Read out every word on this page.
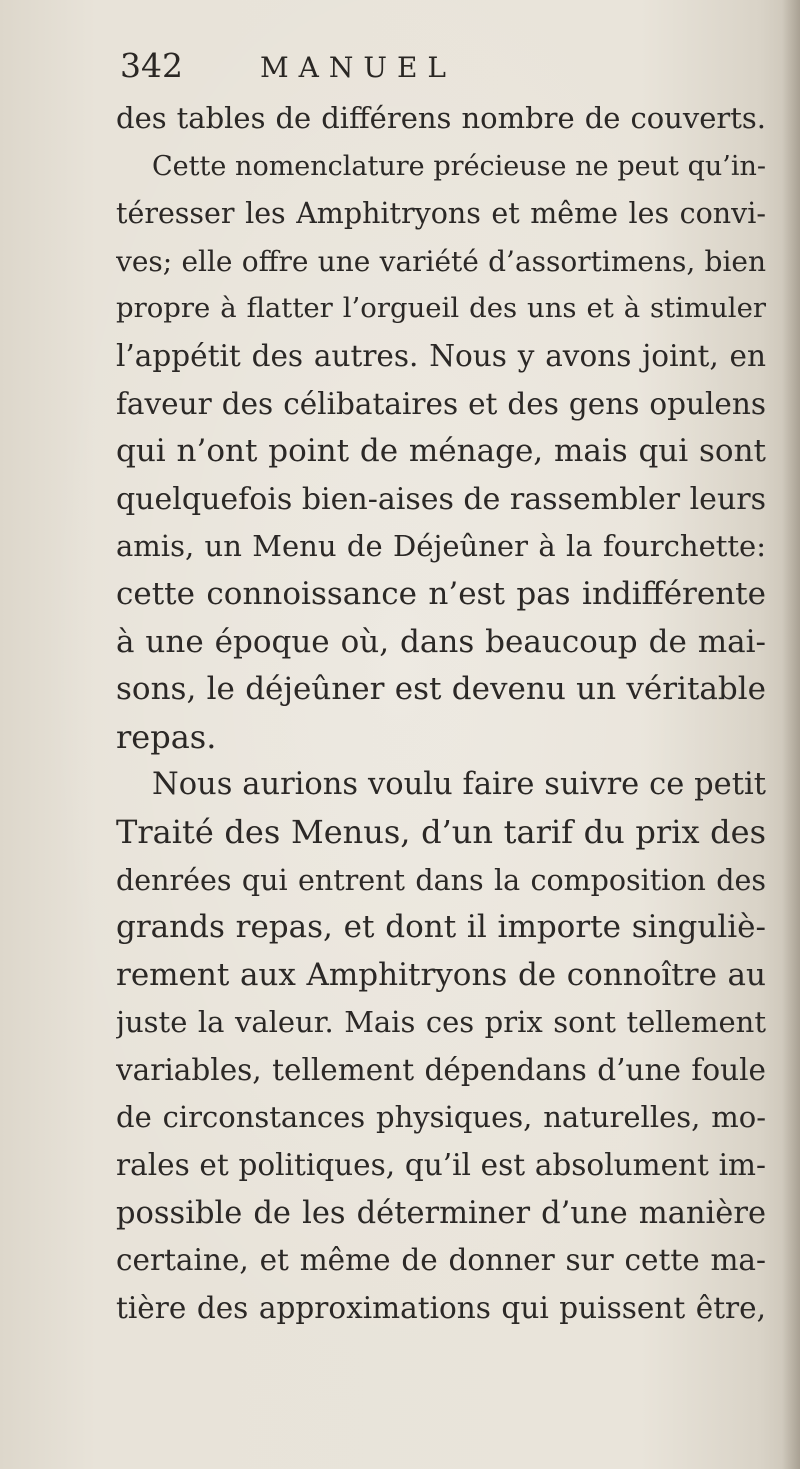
342	MANUEL
des tables de différens nombre de couverts.
Cette nomenclature précieuse ne peut qu’in-
téresser les Amphitryons et même les convi-
ves; elle offre une variété d’assortimens, bien
propre à flatter l’orgueil des uns et à stimuler
l’appétit des autres. Nous y avons joint, en
faveur des célibataires et des gens opulens
qui n’ont point de ménage, mais qui sont
quelquefois bien-aises de rassembler leurs
amis, un Menu de Déjeûner à la fourchette:
cette connoissance n’est pas indifférente
à une époque où, dans beaucoup de mai-
sons, le déjeûner est devenu un véritable
repas.
Nous aurions voulu faire suivre ce petit
Traité des Menus, d’un tarif du prix des
denrées qui entrent dans la composition des
grands repas, et dont il importe singuliè-
rement aux Amphitryons de connoître au
juste la valeur. Mais ces prix sont tellement
variables, tellement dépendans d’une foule
de circonstances physiques, naturelles, mo-
rales et politiques, qu’il est absolument im-
possible de les déterminer d’une manière
certaine, et même de donner sur cette ma-
tière des approximations qui puissent être,
